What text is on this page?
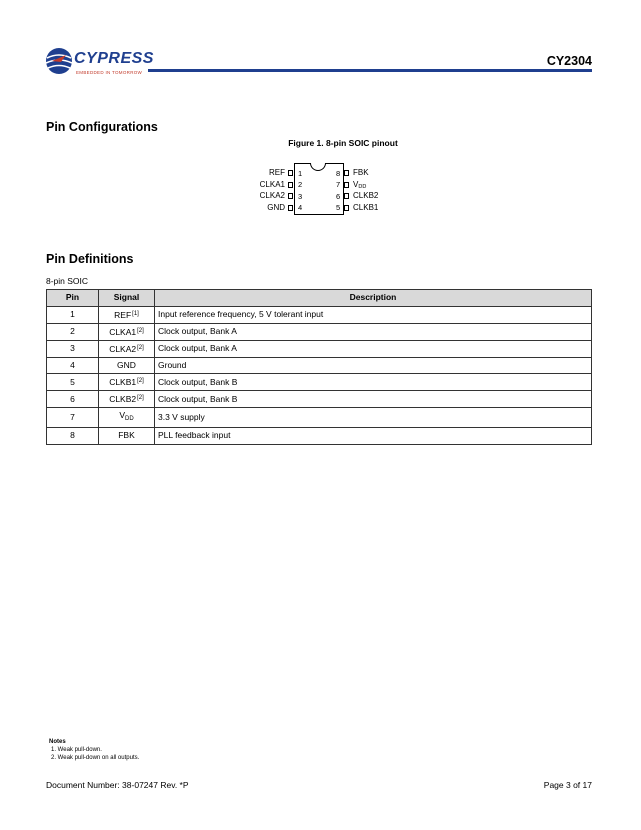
CYPRESS
EMBEDDED IN TOMORROW
CY2304
Pin Configurations
Figure 1. 8-pin SOIC pinout
REF 1
CLKA1 2
CLKA2 3
GND 4
8 FBK
7 $V_{DD}$
6 CLKB2
5 CLKB1
Pin Definitions
8-pin SOIC
Pin	Signal	Description
1	REF[1]	Input reference frequency, 5 V tolerant input
2	CLKA1[2]	Clock output, Bank A
3	CLKA2[2]	Clock output, Bank A
4	GND	Ground
5	CLKB1[2]	Clock output, Bank B
6	CLKB2[2]	Clock output, Bank B
7	$V_{DD}$	3.3 V supply
8	FBK	PLL feedback input
Notes
1. Weak pull-down.
2. Weak pull-down on all outputs.
Document Number: 38-07247 Rev. *P	Page 3 of 17
